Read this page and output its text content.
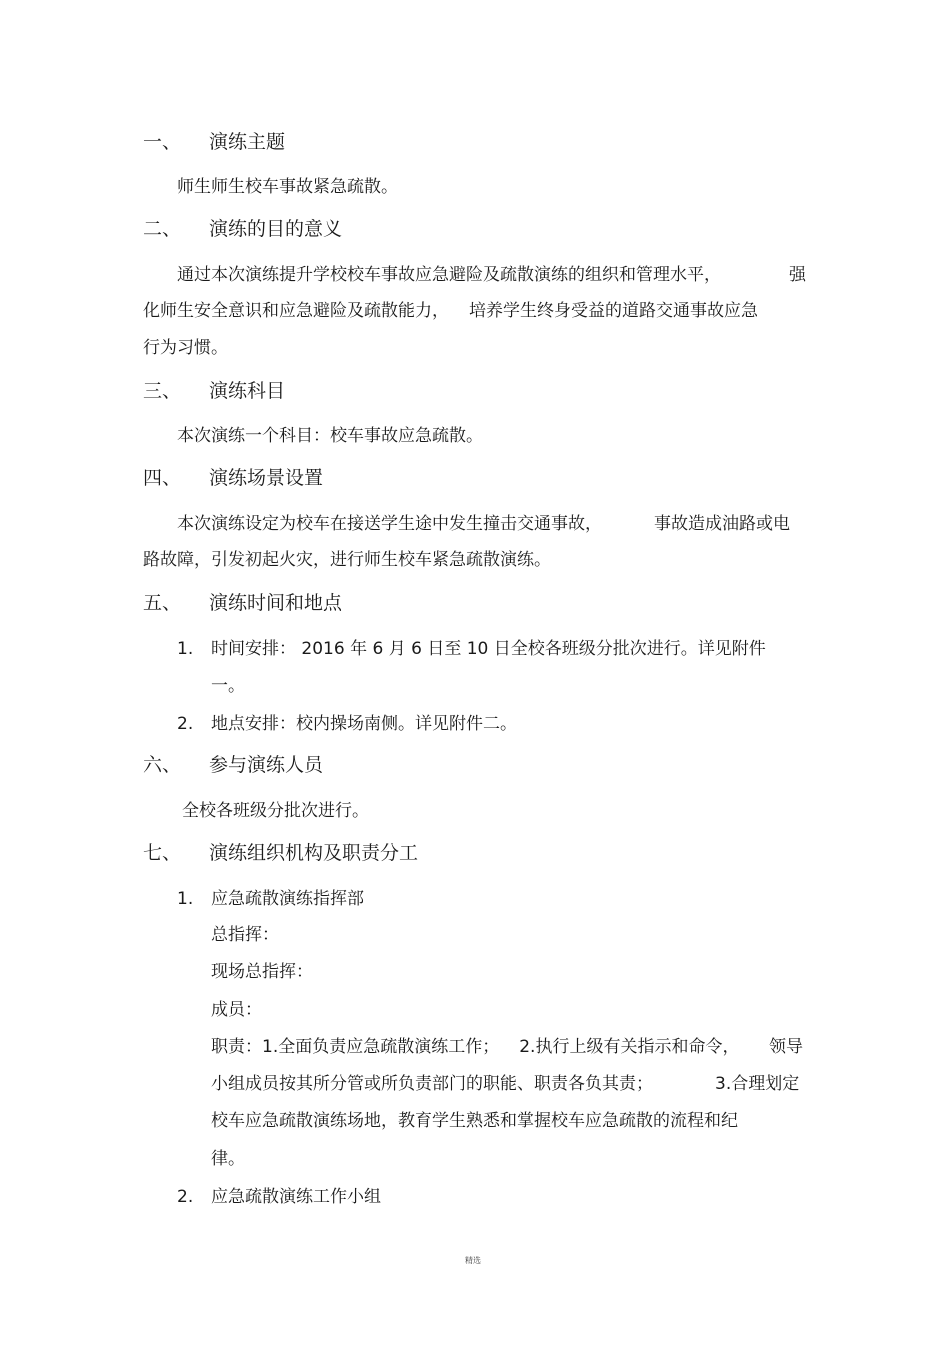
一、 演练主题
师生师生校车事故紧急疏散。
二、 演练的目的意义
通过本次演练提升学校校车事故应急避险及疏散演练的组织和管理水平，	强
化师生安全意识和应急避险及疏散能力， 培养学生终身受益的道路交通事故应急
行为习惯。
三、 演练科目
本次演练一个科目：校车事故应急疏散。
四、 演练场景设置
本次演练设定为校车在接送学生途中发生撞击交通事故，	事故造成油路或电
路故障，引发初起火灾，进行师生校车紧急疏散演练。
五、 演练时间和地点
1. 时间安排： 2016 年 6 月 6 日至 10 日全校各班级分批次进行。详见附件
一。
2. 地点安排：校内操场南侧。详见附件二。
六、 参与演练人员
全校各班级分批次进行。
七、 演练组织机构及职责分工
1. 应急疏散演练指挥部
总指挥：
现场总指挥：
成员：
职责：1.全面负责应急疏散演练工作； 2.执行上级有关指示和命令， 领导
小组成员按其所分管或所负责部门的职能、职责各负其责；	3.合理划定
校车应急疏散演练场地，教育学生熟悉和掌握校车应急疏散的流程和纪
律。
2. 应急疏散演练工作小组
精选
